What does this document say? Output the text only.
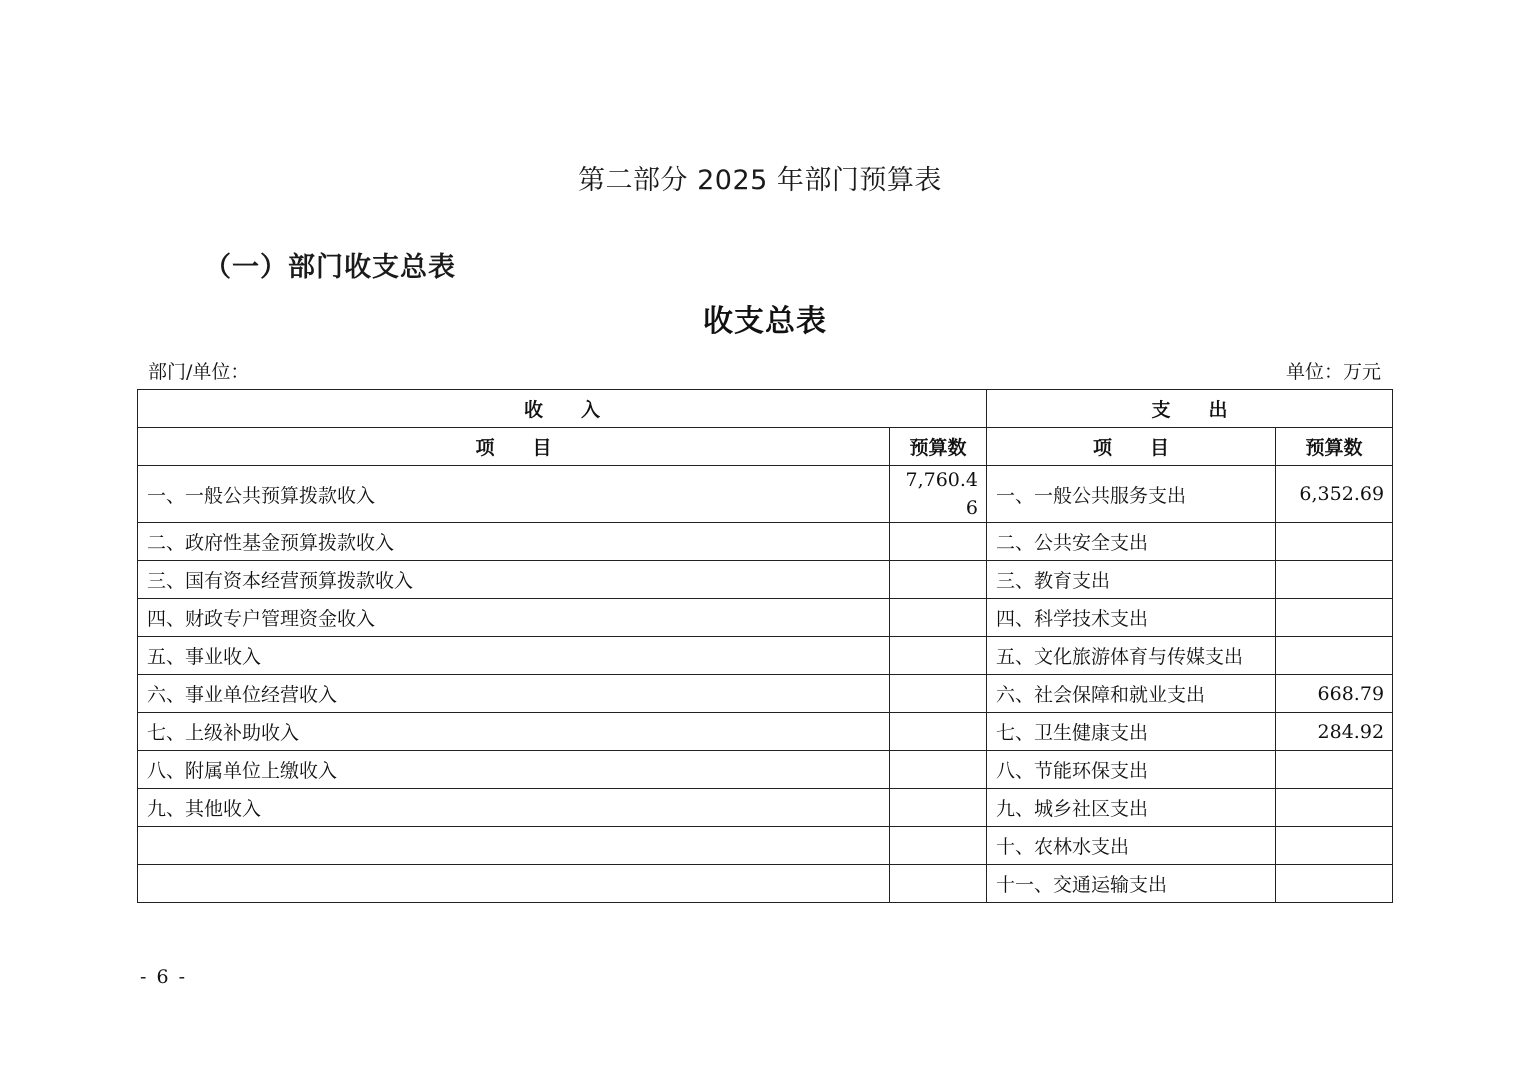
第二部分 2025 年部门预算表
（一）部门收支总表
收支总表
部门/单位：	单位：万元
收　　入		支　　出	
项　　目	预算数	项　　目	预算数
一、一般公共预算拨款收入	7,760.46	一、一般公共服务支出	6,352.69
二、政府性基金预算拨款收入		二、公共安全支出	
三、国有资本经营预算拨款收入		三、教育支出	
四、财政专户管理资金收入		四、科学技术支出	
五、事业收入		五、文化旅游体育与传媒支出	
六、事业单位经营收入		六、社会保障和就业支出	668.79
七、上级补助收入		七、卫生健康支出	284.92
八、附属单位上缴收入		八、节能环保支出	
九、其他收入		九、城乡社区支出	
		十、农林水支出	
		十一、交通运输支出	
- 6 -
